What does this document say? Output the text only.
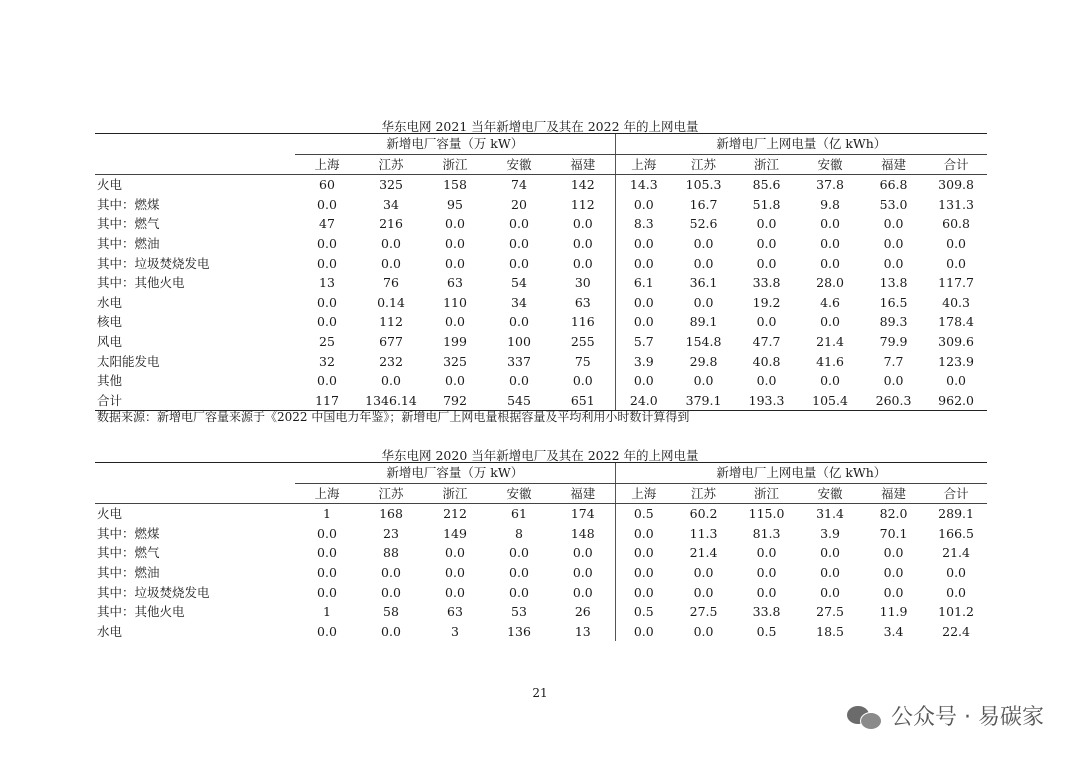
华东电网 2021 当年新增电厂及其在 2022 年的上网电量
	新增电厂容量（万 kW）					新增电厂上网电量（亿 kWh）					
	上海	江苏	浙江	安徽	福建	上海	江苏	浙江	安徽	福建	合计
火电	60	325	158	74	142	14.3	105.3	85.6	37.8	66.8	309.8
其中：燃煤	0.0	34	95	20	112	0.0	16.7	51.8	9.8	53.0	131.3
其中：燃气	47	216	0.0	0.0	0.0	8.3	52.6	0.0	0.0	0.0	60.8
其中：燃油	0.0	0.0	0.0	0.0	0.0	0.0	0.0	0.0	0.0	0.0	0.0
其中：垃圾焚烧发电	0.0	0.0	0.0	0.0	0.0	0.0	0.0	0.0	0.0	0.0	0.0
其中：其他火电	13	76	63	54	30	6.1	36.1	33.8	28.0	13.8	117.7
水电	0.0	0.14	110	34	63	0.0	0.0	19.2	4.6	16.5	40.3
核电	0.0	112	0.0	0.0	116	0.0	89.1	0.0	0.0	89.3	178.4
风电	25	677	199	100	255	5.7	154.8	47.7	21.4	79.9	309.6
太阳能发电	32	232	325	337	75	3.9	29.8	40.8	41.6	7.7	123.9
其他	0.0	0.0	0.0	0.0	0.0	0.0	0.0	0.0	0.0	0.0	0.0
合计	117	1346.14	792	545	651	24.0	379.1	193.3	105.4	260.3	962.0
数据来源：新增电厂容量来源于《2022 中国电力年鉴》；新增电厂上网电量根据容量及平均利用小时数计算得到
华东电网 2020 当年新增电厂及其在 2022 年的上网电量
	新增电厂容量（万 kW）					新增电厂上网电量（亿 kWh）					
	上海	江苏	浙江	安徽	福建	上海	江苏	浙江	安徽	福建	合计
火电	1	168	212	61	174	0.5	60.2	115.0	31.4	82.0	289.1
其中：燃煤	0.0	23	149	8	148	0.0	11.3	81.3	3.9	70.1	166.5
其中：燃气	0.0	88	0.0	0.0	0.0	0.0	21.4	0.0	0.0	0.0	21.4
其中：燃油	0.0	0.0	0.0	0.0	0.0	0.0	0.0	0.0	0.0	0.0	0.0
其中：垃圾焚烧发电	0.0	0.0	0.0	0.0	0.0	0.0	0.0	0.0	0.0	0.0	0.0
其中：其他火电	1	58	63	53	26	0.5	27.5	33.8	27.5	11.9	101.2
水电	0.0	0.0	3	136	13	0.0	0.0	0.5	18.5	3.4	22.4
21
公众号 · 易碳家
